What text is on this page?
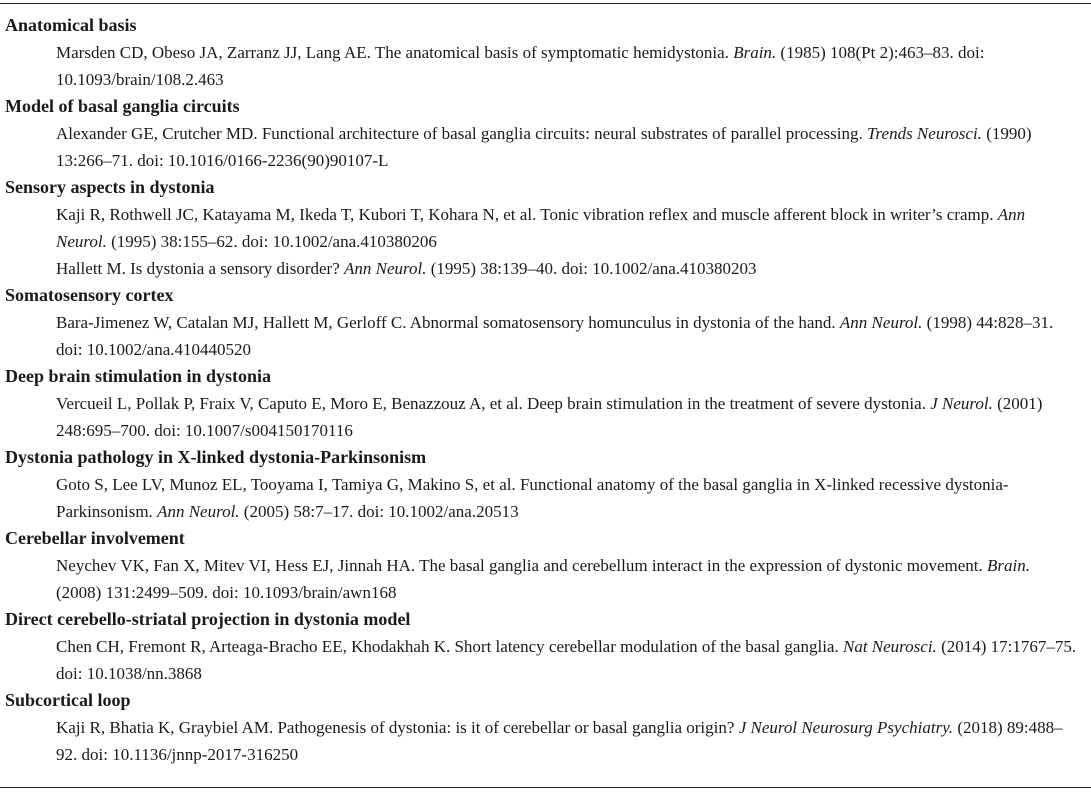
Anatomical basis
Marsden CD, Obeso JA, Zarranz JJ, Lang AE. The anatomical basis of symptomatic hemidystonia. Brain. (1985) 108(Pt 2):463–83. doi: 10.1093/brain/108.2.463
Model of basal ganglia circuits
Alexander GE, Crutcher MD. Functional architecture of basal ganglia circuits: neural substrates of parallel processing. Trends Neurosci. (1990) 13:266–71. doi: 10.1016/0166-2236(90)90107-L
Sensory aspects in dystonia
Kaji R, Rothwell JC, Katayama M, Ikeda T, Kubori T, Kohara N, et al. Tonic vibration reflex and muscle afferent block in writer’s cramp. Ann Neurol. (1995) 38:155–62. doi: 10.1002/ana.410380206
Hallett M. Is dystonia a sensory disorder? Ann Neurol. (1995) 38:139–40. doi: 10.1002/ana.410380203
Somatosensory cortex
Bara-Jimenez W, Catalan MJ, Hallett M, Gerloff C. Abnormal somatosensory homunculus in dystonia of the hand. Ann Neurol. (1998) 44:828–31. doi: 10.1002/ana.410440520
Deep brain stimulation in dystonia
Vercueil L, Pollak P, Fraix V, Caputo E, Moro E, Benazzouz A, et al. Deep brain stimulation in the treatment of severe dystonia. J Neurol. (2001) 248:695–700. doi: 10.1007/s004150170116
Dystonia pathology in X-linked dystonia-Parkinsonism
Goto S, Lee LV, Munoz EL, Tooyama I, Tamiya G, Makino S, et al. Functional anatomy of the basal ganglia in X-linked recessive dystonia-Parkinsonism. Ann Neurol. (2005) 58:7–17. doi: 10.1002/ana.20513
Cerebellar involvement
Neychev VK, Fan X, Mitev VI, Hess EJ, Jinnah HA. The basal ganglia and cerebellum interact in the expression of dystonic movement. Brain. (2008) 131:2499–509. doi: 10.1093/brain/awn168
Direct cerebello-striatal projection in dystonia model
Chen CH, Fremont R, Arteaga-Bracho EE, Khodakhah K. Short latency cerebellar modulation of the basal ganglia. Nat Neurosci. (2014) 17:1767–75. doi: 10.1038/nn.3868
Subcortical loop
Kaji R, Bhatia K, Graybiel AM. Pathogenesis of dystonia: is it of cerebellar or basal ganglia origin? J Neurol Neurosurg Psychiatry. (2018) 89:488–92. doi: 10.1136/jnnp-2017-316250
